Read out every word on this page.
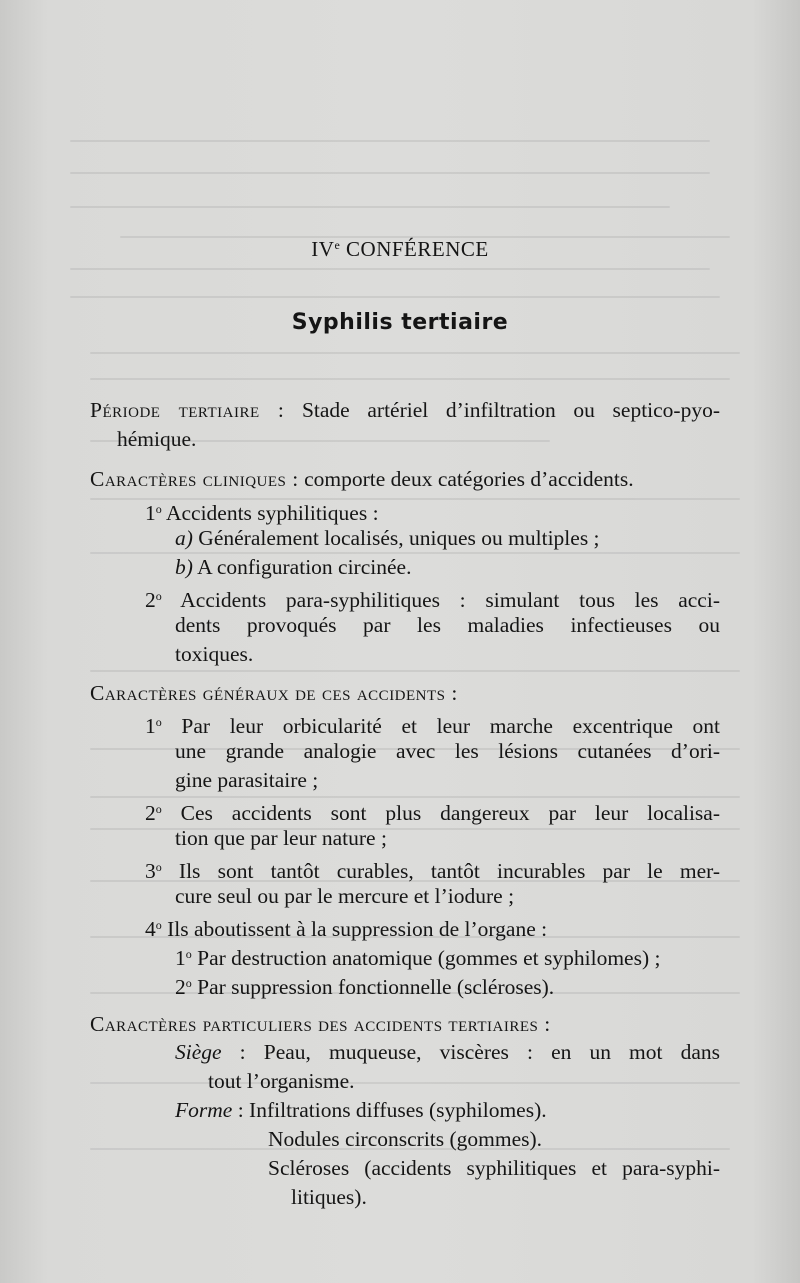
IVe CONFÉRENCE
Syphilis tertiaire
Période tertiaire : Stade artériel d’infiltration ou septico-pyo-
hémique.
Caractères cliniques : comporte deux catégories d’accidents.
1$^o$ Accidents syphilitiques :
a) Généralement localisés, uniques ou multiples ;
b) A configuration circinée.
2$^o$ Accidents para-syphilitiques : simulant tous les acci-
dents provoqués par les maladies infectieuses ou
toxiques.
Caractères généraux de ces accidents :
1$^o$ Par leur orbicularité et leur marche excentrique ont
une grande analogie avec les lésions cutanées d’ori-
gine parasitaire ;
2$^o$ Ces accidents sont plus dangereux par leur localisa-
tion que par leur nature ;
3$^o$ Ils sont tantôt curables, tantôt incurables par le mer-
cure seul ou par le mercure et l’iodure ;
4$^o$ Ils aboutissent à la suppression de l’organe :
1$^o$ Par destruction anatomique (gommes et syphilomes) ;
2$^o$ Par suppression fonctionnelle (scléroses).
Caractères particuliers des accidents tertiaires :
Siège : Peau, muqueuse, viscères : en un mot dans
tout l’organisme.
Forme : Infiltrations diffuses (syphilomes).
Nodules circonscrits (gommes).
Scléroses (accidents syphilitiques et para-syphi-
litiques).
